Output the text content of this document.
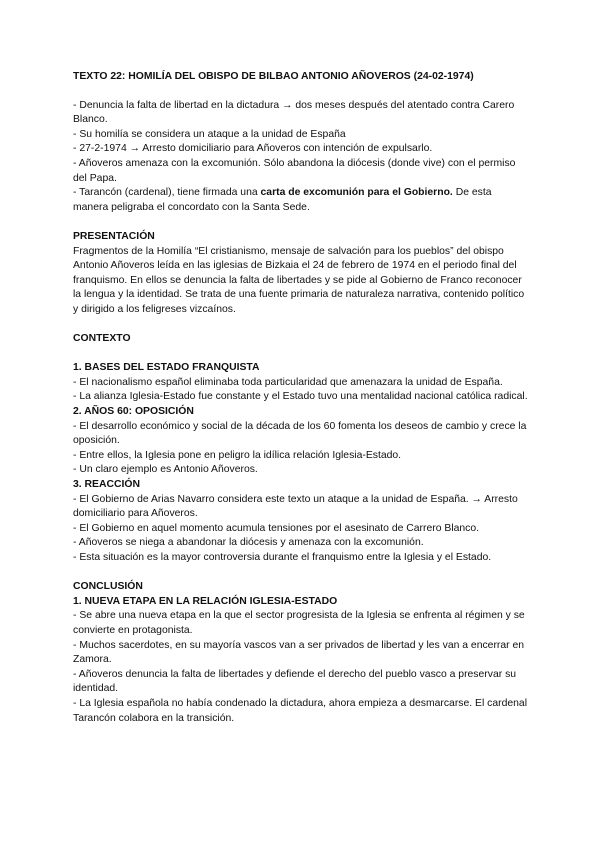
TEXTO 22: HOMILÍA DEL OBISPO DE BILBAO ANTONIO AÑOVEROS (24-02-1974)

- Denuncia la falta de libertad en la dictadura → dos meses después del atentado contra Carero Blanco.

- Su homilía se considera un ataque a la unidad de España

- 27-2-1974 → Arresto domiciliario para Añoveros con intención de expulsarlo.

- Añoveros amenaza con la excomunión. Sólo abandona la diócesis (donde vive) con el permiso del Papa.

- Tarancón (cardenal), tiene firmada una carta de excomunión para el Gobierno. De esta manera peligraba el concordato con la Santa Sede.

PRESENTACIÓN

Fragmentos de la Homilía “El cristianismo, mensaje de salvación para los pueblos” del obispo Antonio Añoveros leída en las iglesias de Bizkaia el 24 de febrero de 1974 en el periodo final del franquismo. En ellos se denuncia la falta de libertades y se pide al Gobierno de Franco reconocer la lengua y la identidad. Se trata de una fuente primaria de naturaleza narrativa, contenido político y dirigido a los feligreses vizcaínos.

CONTEXTO

1. BASES DEL ESTADO FRANQUISTA

- El nacionalismo español eliminaba toda particularidad que amenazara la unidad de España.

- La alianza Iglesia-Estado fue constante y el Estado tuvo una mentalidad nacional católica radical.

2. AÑOS 60: OPOSICIÓN

- El desarrollo económico y social de la década de los 60 fomenta los deseos de cambio y crece la oposición.

- Entre ellos, la Iglesia pone en peligro la idílica relación Iglesia-Estado.

- Un claro ejemplo es Antonio Añoveros.

3. REACCIÓN

- El Gobierno de Arias Navarro considera este texto un ataque a la unidad de España. → Arresto domiciliario para Añoveros.

- El Gobierno en aquel momento acumula tensiones por el asesinato de Carrero Blanco.

- Añoveros se niega a abandonar la diócesis y amenaza con la excomunión.

- Esta situación es la mayor controversia durante el franquismo entre la Iglesia y el Estado.

CONCLUSIÓN

1. NUEVA ETAPA EN LA RELACIÓN IGLESIA-ESTADO

- Se abre una nueva etapa en la que el sector progresista de la Iglesia se enfrenta al régimen y se convierte en protagonista.

- Muchos sacerdotes, en su mayoría vascos van a ser privados de libertad y les van a encerrar en Zamora.

- Añoveros denuncia la falta de libertades y defiende el derecho del pueblo vasco a preservar su identidad.

- La Iglesia española no había condenado la dictadura, ahora empieza a desmarcarse. El cardenal Tarancón colabora en la transición.
